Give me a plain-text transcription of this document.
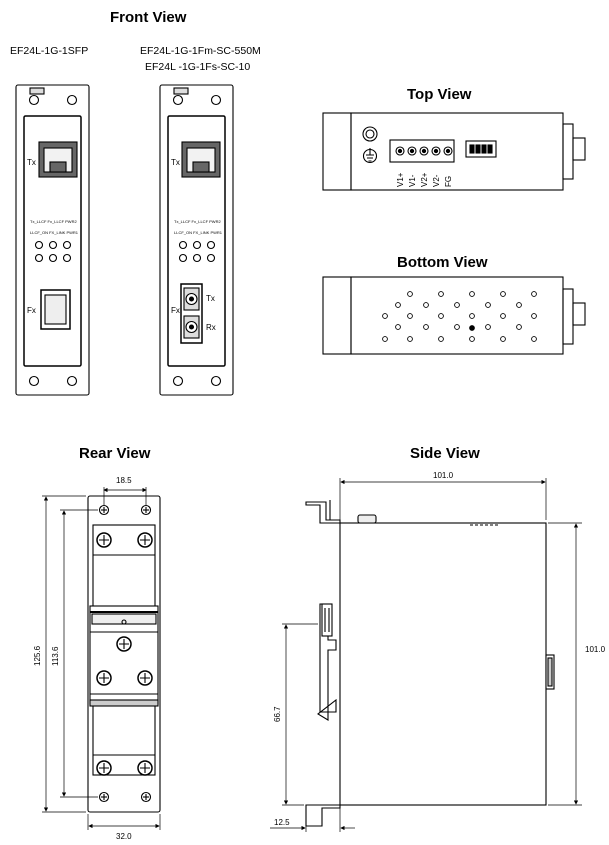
Front View
Top View
Bottom View
Rear View	Side View
EF24L-1G-1SFP	EF24L-1G-1Fm-SC-550M
EF24L -1G-1Fs-SC-10
Tx
Fx
Tx_LLCF Fx_LLCF PWR2
LLCF_ON FX_LINK PWR1
Tx
Fx
Tx
Rx
Tx_LLCF Fx_LLCF PWR2
LLCF_ON FX_LINK PWR1
V1+ V1- V2+ V2- FG
18.5
125.6 113.6
32.0
101.0
101.0
66.7
12.5
